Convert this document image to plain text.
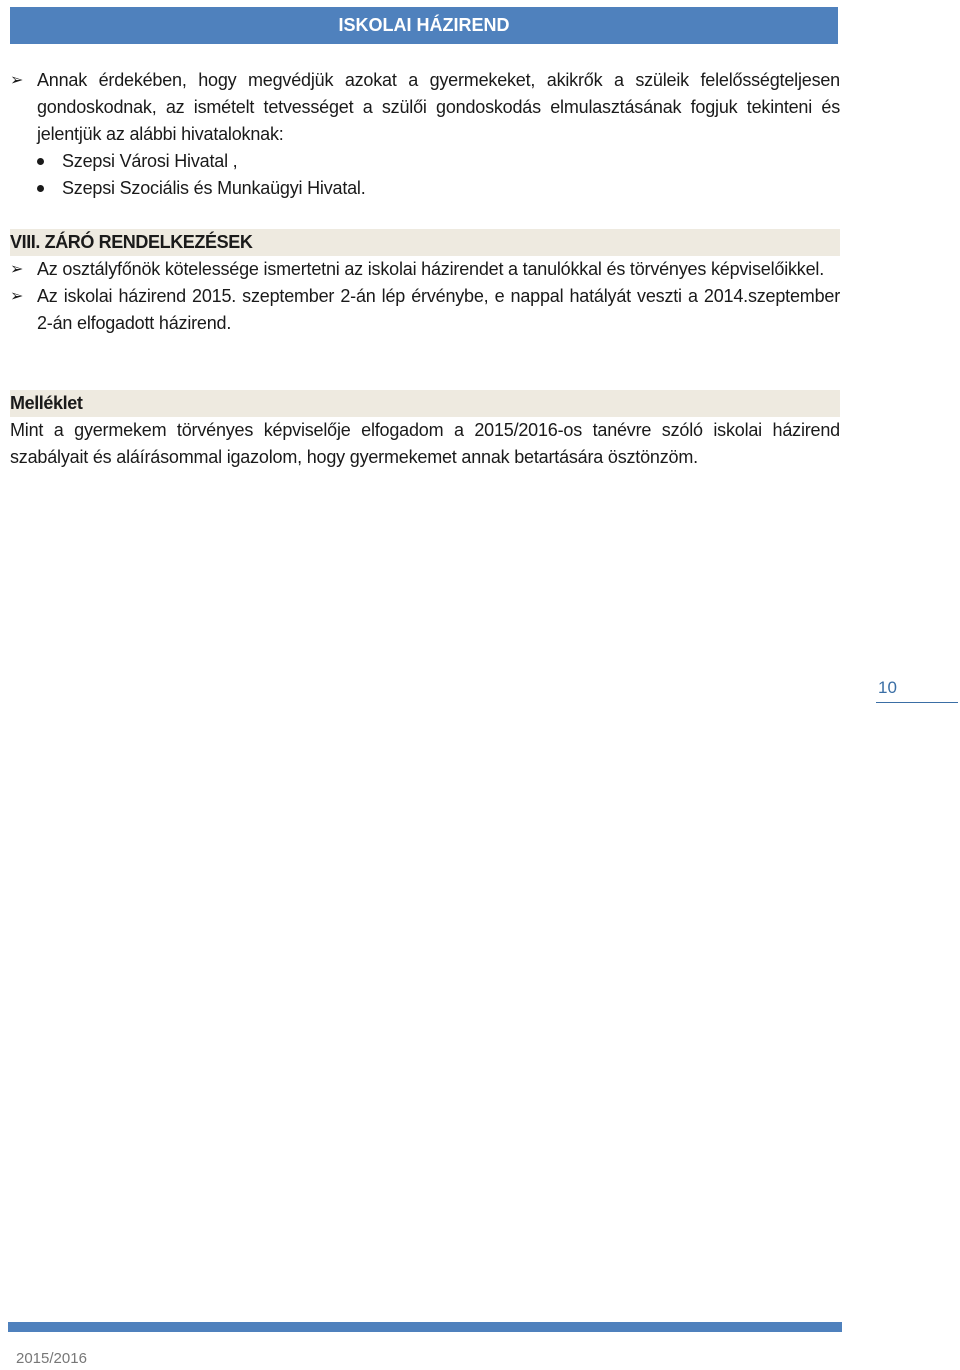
ISKOLAI HÁZIREND
➢ Annak érdekében, hogy megvédjük azokat a gyermekeket, akikrők a szüleik felelősségteljesen gondoskodnak, az ismételt tetvességet a szülői gondoskodás elmulasztásának fogjuk tekinteni és jelentjük az alábbi hivataloknak:
Szepsi Városi Hivatal ,
Szepsi Szociális és Munkaügyi Hivatal.
VIII. ZÁRÓ RENDELKEZÉSEK
➢ Az osztályfőnök kötelessége ismertetni az iskolai házirendet a tanulókkal és törvényes képviselőikkel.
➢ Az iskolai házirend 2015. szeptember 2-án lép érvénybe, e nappal hatályát veszti a 2014.szeptember 2-án elfogadott házirend.
Melléklet
Mint a gyermekem törvényes képviselője elfogadom a 2015/2016-os tanévre szóló iskolai házirend szabályait és aláírásommal igazolom, hogy gyermekemet annak betartására ösztönzöm.
10
2015/2016
